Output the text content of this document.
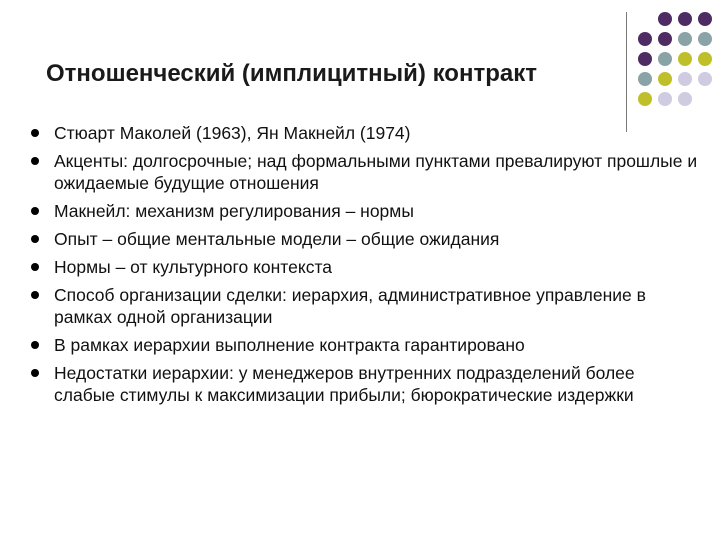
Отношенческий (имплицитный) контракт
Стюарт Маколей (1963), Ян Макнейл (1974)
Акценты: долгосрочные; над формальными пунктами превалируют прошлые и ожидаемые будущие отношения
Макнейл: механизм регулирования – нормы
Опыт – общие ментальные модели – общие ожидания
Нормы – от культурного контекста
Способ организации сделки: иерархия, административное управление в рамках одной организации
В рамках иерархии выполнение контракта гарантировано
Недостатки иерархии: у менеджеров внутренних подразделений более слабые стимулы к максимизации прибыли; бюрократические издержки
